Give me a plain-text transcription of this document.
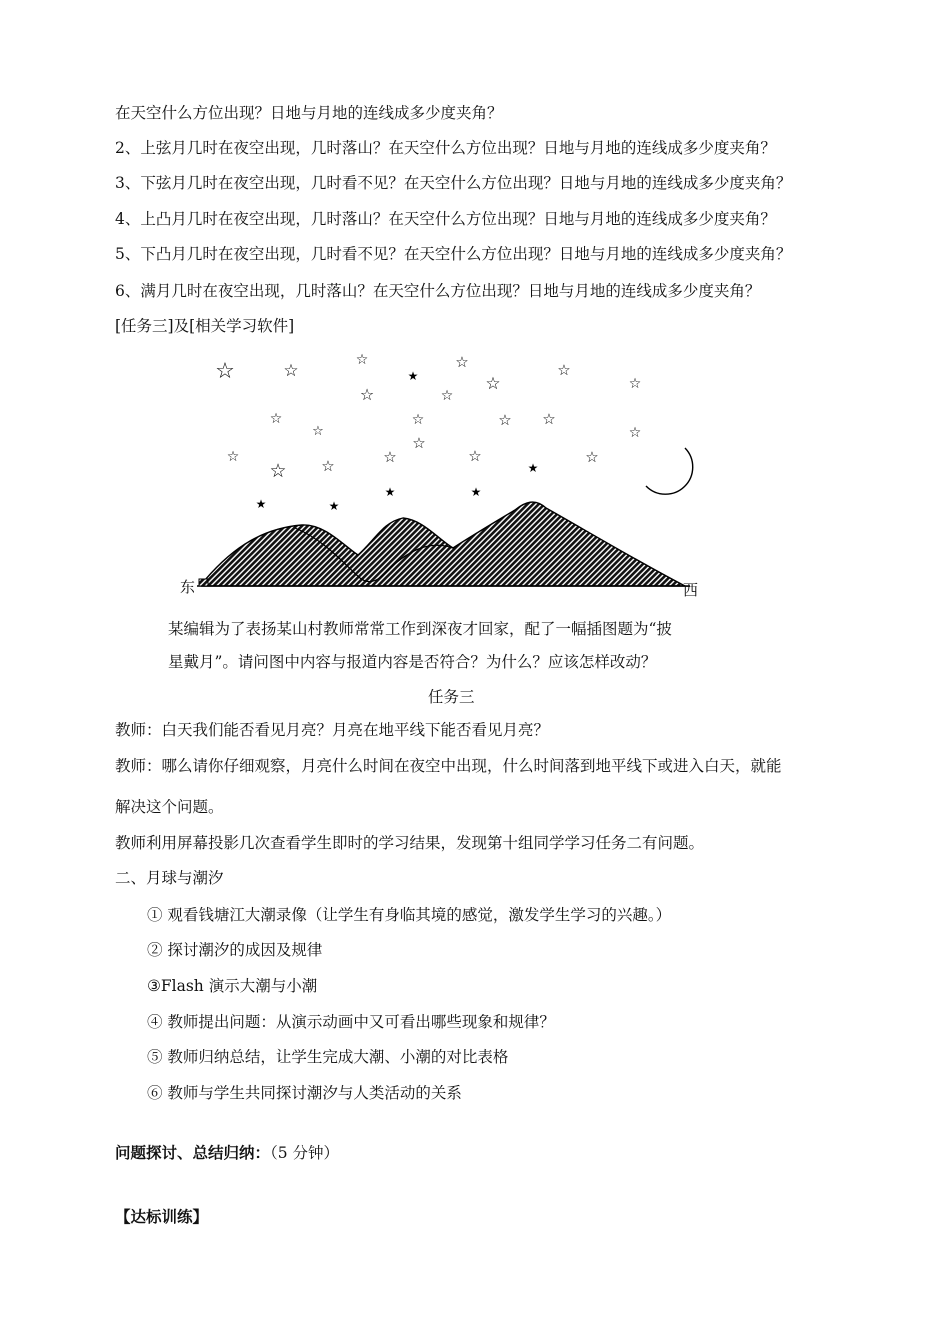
在天空什么方位出现？日地与月地的连线成多少度夹角？
2、上弦月几时在夜空出现，几时落山？在天空什么方位出现？日地与月地的连线成多少度夹角？
3、下弦月几时在夜空出现，几时看不见？在天空什么方位出现？日地与月地的连线成多少度夹角？
4、上凸月几时在夜空出现，几时落山？在天空什么方位出现？日地与月地的连线成多少度夹角？
5、下凸月几时在夜空出现，几时看不见？在天空什么方位出现？日地与月地的连线成多少度夹角？
6、满月几时在夜空出现，几时落山？在天空什么方位出现？日地与月地的连线成多少度夹角？
[任务三]及[相关学习软件]
☆	☆
☆
★
☆
☆
☆
☆
☆	☆
☆
☆
☆	☆ ☆
☆
☆
☆
☆ ☆	☆	☆
★
☆
★	★
★	★
东	西
某编辑为了表扬某山村教师常常工作到深夜才回家，配了一幅插图题为“披
星戴月”。请问图中内容与报道内容是否符合？为什么？应该怎样改动？
任务三
教师：白天我们能否看见月亮？月亮在地平线下能否看见月亮？
教师：哪么请你仔细观察，月亮什么时间在夜空中出现，什么时间落到地平线下或进入白天，就能
解决这个问题。
教师利用屏幕投影几次查看学生即时的学习结果，发现第十组同学学习任务二有问题。
二、月球与潮汐
① 观看钱塘江大潮录像（让学生有身临其境的感觉，激发学生学习的兴趣。）
② 探讨潮汐的成因及规律
③Flash 演示大潮与小潮
④ 教师提出问题：从演示动画中又可看出哪些现象和规律？
⑤ 教师归纳总结，让学生完成大潮、小潮的对比表格
⑥ 教师与学生共同探讨潮汐与人类活动的关系
问题探讨、总结归纳：（5 分钟）
【达标训练】
